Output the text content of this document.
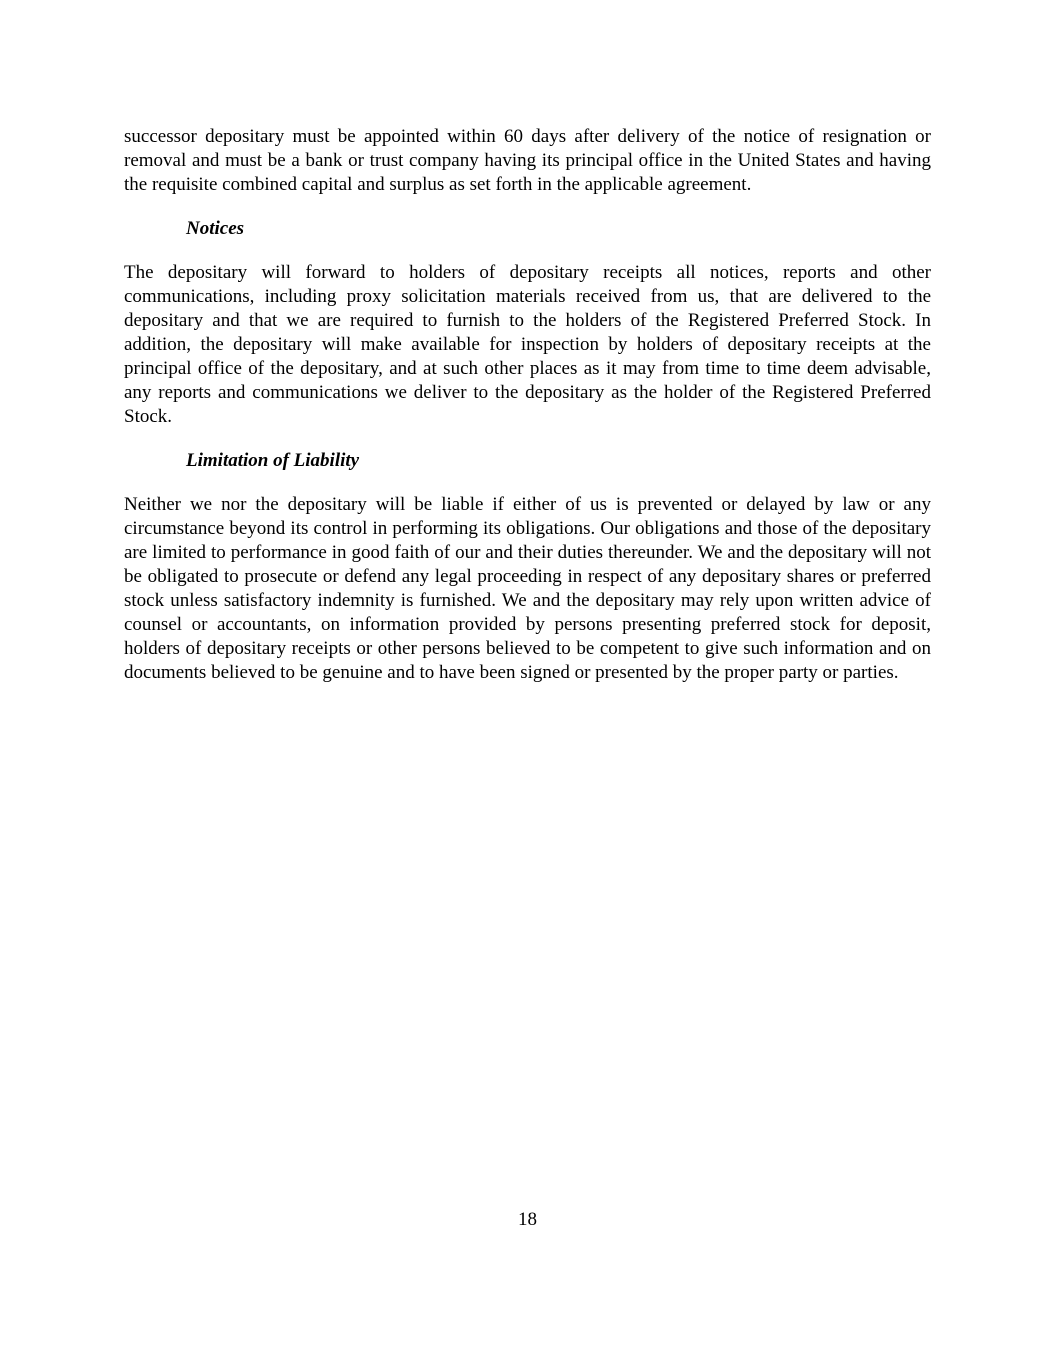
successor depositary must be appointed within 60 days after delivery of the notice of resignation or removal and must be a bank or trust company having its principal office in the United States and having the requisite combined capital and surplus as set forth in the applicable agreement.

Notices

The depositary will forward to holders of depositary receipts all notices, reports and other communications, including proxy solicitation materials received from us, that are delivered to the depositary and that we are required to furnish to the holders of the Registered Preferred Stock. In addition, the depositary will make available for inspection by holders of depositary receipts at the principal office of the depositary, and at such other places as it may from time to time deem advisable, any reports and communications we deliver to the depositary as the holder of the Registered Preferred Stock.

Limitation of Liability

Neither we nor the depositary will be liable if either of us is prevented or delayed by law or any circumstance beyond its control in performing its obligations. Our obligations and those of the depositary are limited to performance in good faith of our and their duties thereunder. We and the depositary will not be obligated to prosecute or defend any legal proceeding in respect of any depositary shares or preferred stock unless satisfactory indemnity is furnished. We and the depositary may rely upon written advice of counsel or accountants, on information provided by persons presenting preferred stock for deposit, holders of depositary receipts or other persons believed to be competent to give such information and on documents believed to be genuine and to have been signed or presented by the proper party or parties.

18
